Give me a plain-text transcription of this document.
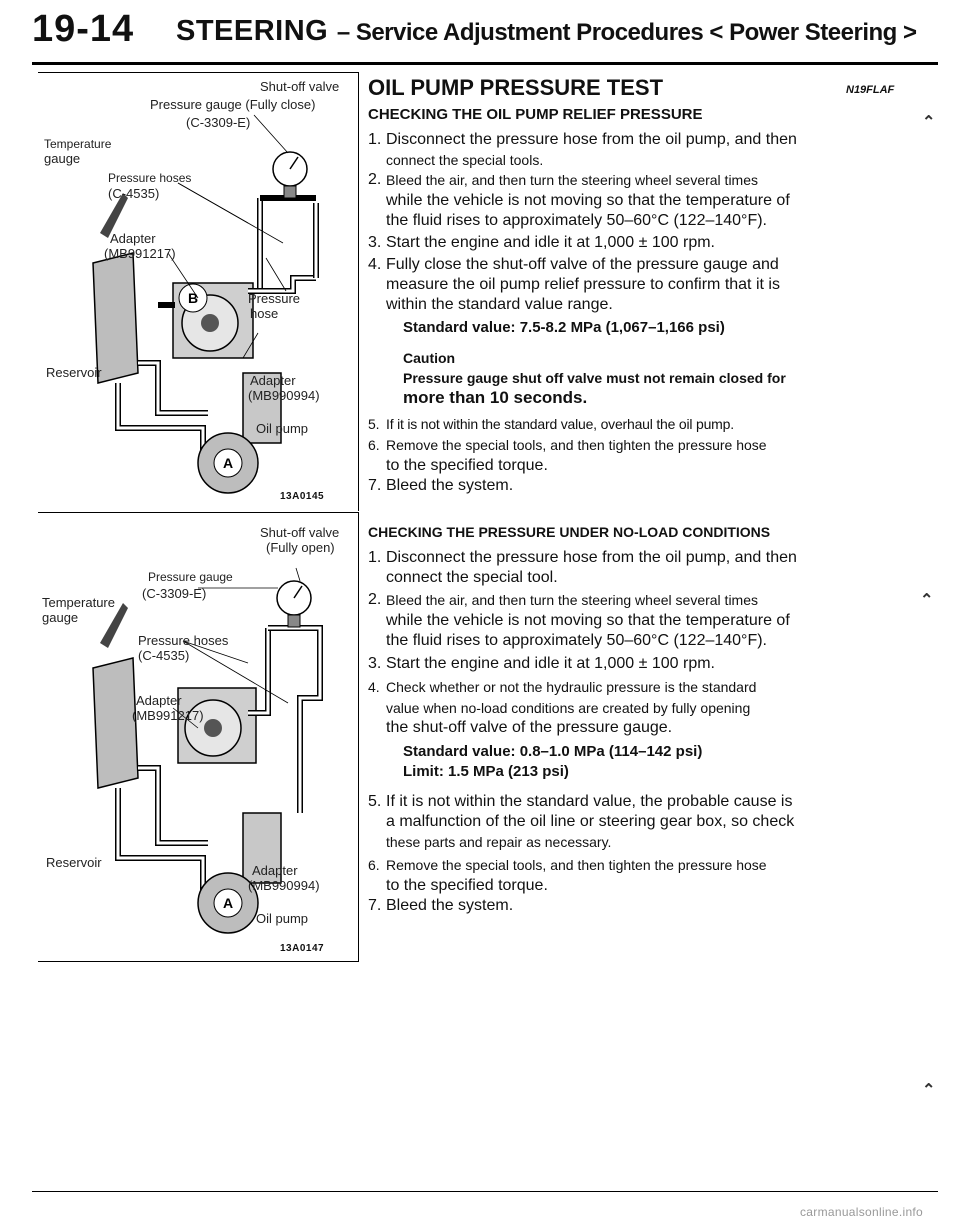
19-14 STEERING – Service Adjustment Procedures < Power Steering >
A
B
Shut-off valve
Pressure gauge (Fully close)
(C-3309-E)
Temperature
gauge
Pressure hoses
(C-4535)
Adapter
(MB991217)
Pressure
hose
Reservoir
Adapter
(MB990994)
Oil pump
13A0145
A
Shut-off valve
(Fully open)
Pressure gauge
(C-3309-E)
Temperature
gauge
Pressure hoses
(C-4535)
Adapter
(MB991217)
Reservoir
Adapter
(MB990994)
Oil pump
13A0147
OIL PUMP PRESSURE TEST	N19FLAF
CHECKING THE OIL PUMP RELIEF PRESSURE
1. Disconnect the pressure hose from the oil pump, and then
connect the special tools.
2. Bleed the air, and then turn the steering wheel several times
while the vehicle is not moving so that the temperature of
the fluid rises to approximately 50–60°C (122–140°F).
3. Start the engine and idle it at 1,000 ± 100 rpm.
4. Fully close the shut-off valve of the pressure gauge and
measure the oil pump relief pressure to confirm that it is
within the standard value range.
Standard value: 7.5-8.2 MPa (1,067–1,166 psi)
Caution
Pressure gauge shut off valve must not remain closed for
more than 10 seconds.
5. If it is not within the standard value, overhaul the oil pump.
6. Remove the special tools, and then tighten the pressure hose
to the specified torque.
7. Bleed the system.
CHECKING THE PRESSURE UNDER NO-LOAD CONDITIONS
1. Disconnect the pressure hose from the oil pump, and then
connect the special tool.
2. Bleed the air, and then turn the steering wheel several times
while the vehicle is not moving so that the temperature of
the fluid rises to approximately 50–60°C (122–140°F).
3. Start the engine and idle it at 1,000 ± 100 rpm.
4. Check whether or not the hydraulic pressure is the standard
value when no-load conditions are created by fully opening
the shut-off valve of the pressure gauge.
Standard value: 0.8–1.0 MPa (114–142 psi)
Limit: 1.5 MPa (213 psi)
5. If it is not within the standard value, the probable cause is
a malfunction of the oil line or steering gear box, so check
these parts and repair as necessary.
6. Remove the special tools, and then tighten the pressure hose
to the specified torque.
7. Bleed the system.
⌃
⌃
⌃
carmanualsonline.info
